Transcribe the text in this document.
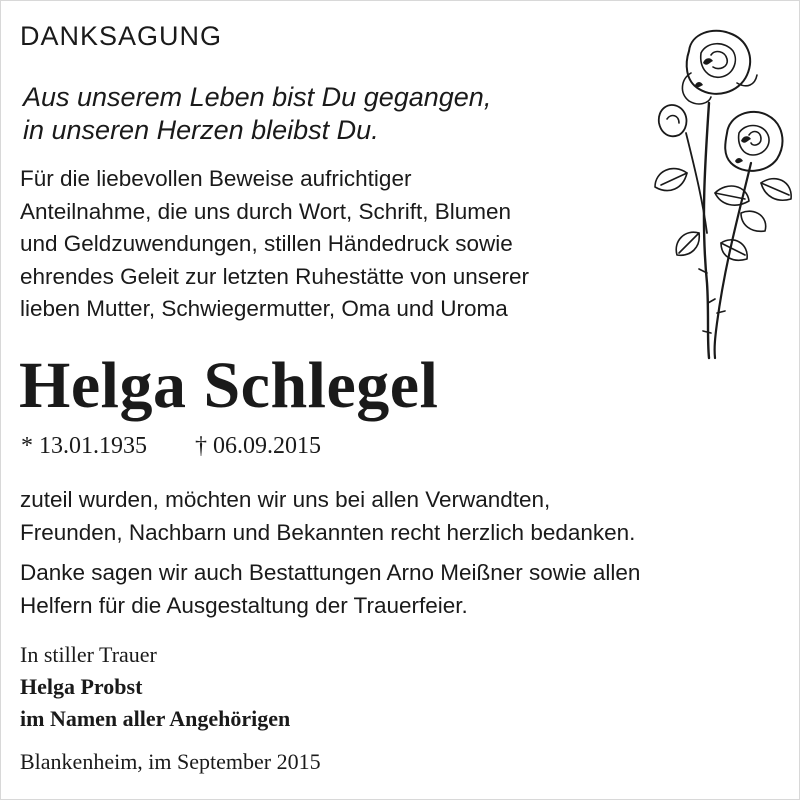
DANKSAGUNG
Aus unserem Leben bist Du gegangen,
in unseren Herzen bleibst Du.
Für die liebevollen Beweise aufrichtiger
Anteilnahme, die uns durch Wort, Schrift, Blumen
und Geldzuwendungen, stillen Händedruck sowie
ehrendes Geleit zur letzten Ruhestätte von unserer
lieben Mutter, Schwiegermutter, Oma und Uroma
Helga Schlegel
* 13.01.1935 † 06.09.2015
zuteil wurden, möchten wir uns bei allen Verwandten,
Freunden, Nachbarn und Bekannten recht herzlich bedanken.
Danke sagen wir auch Bestattungen Arno Meißner sowie allen
Helfern für die Ausgestaltung der Trauerfeier.
In stiller Trauer
Helga Probst
im Namen aller Angehörigen
Blankenheim, im September 2015
